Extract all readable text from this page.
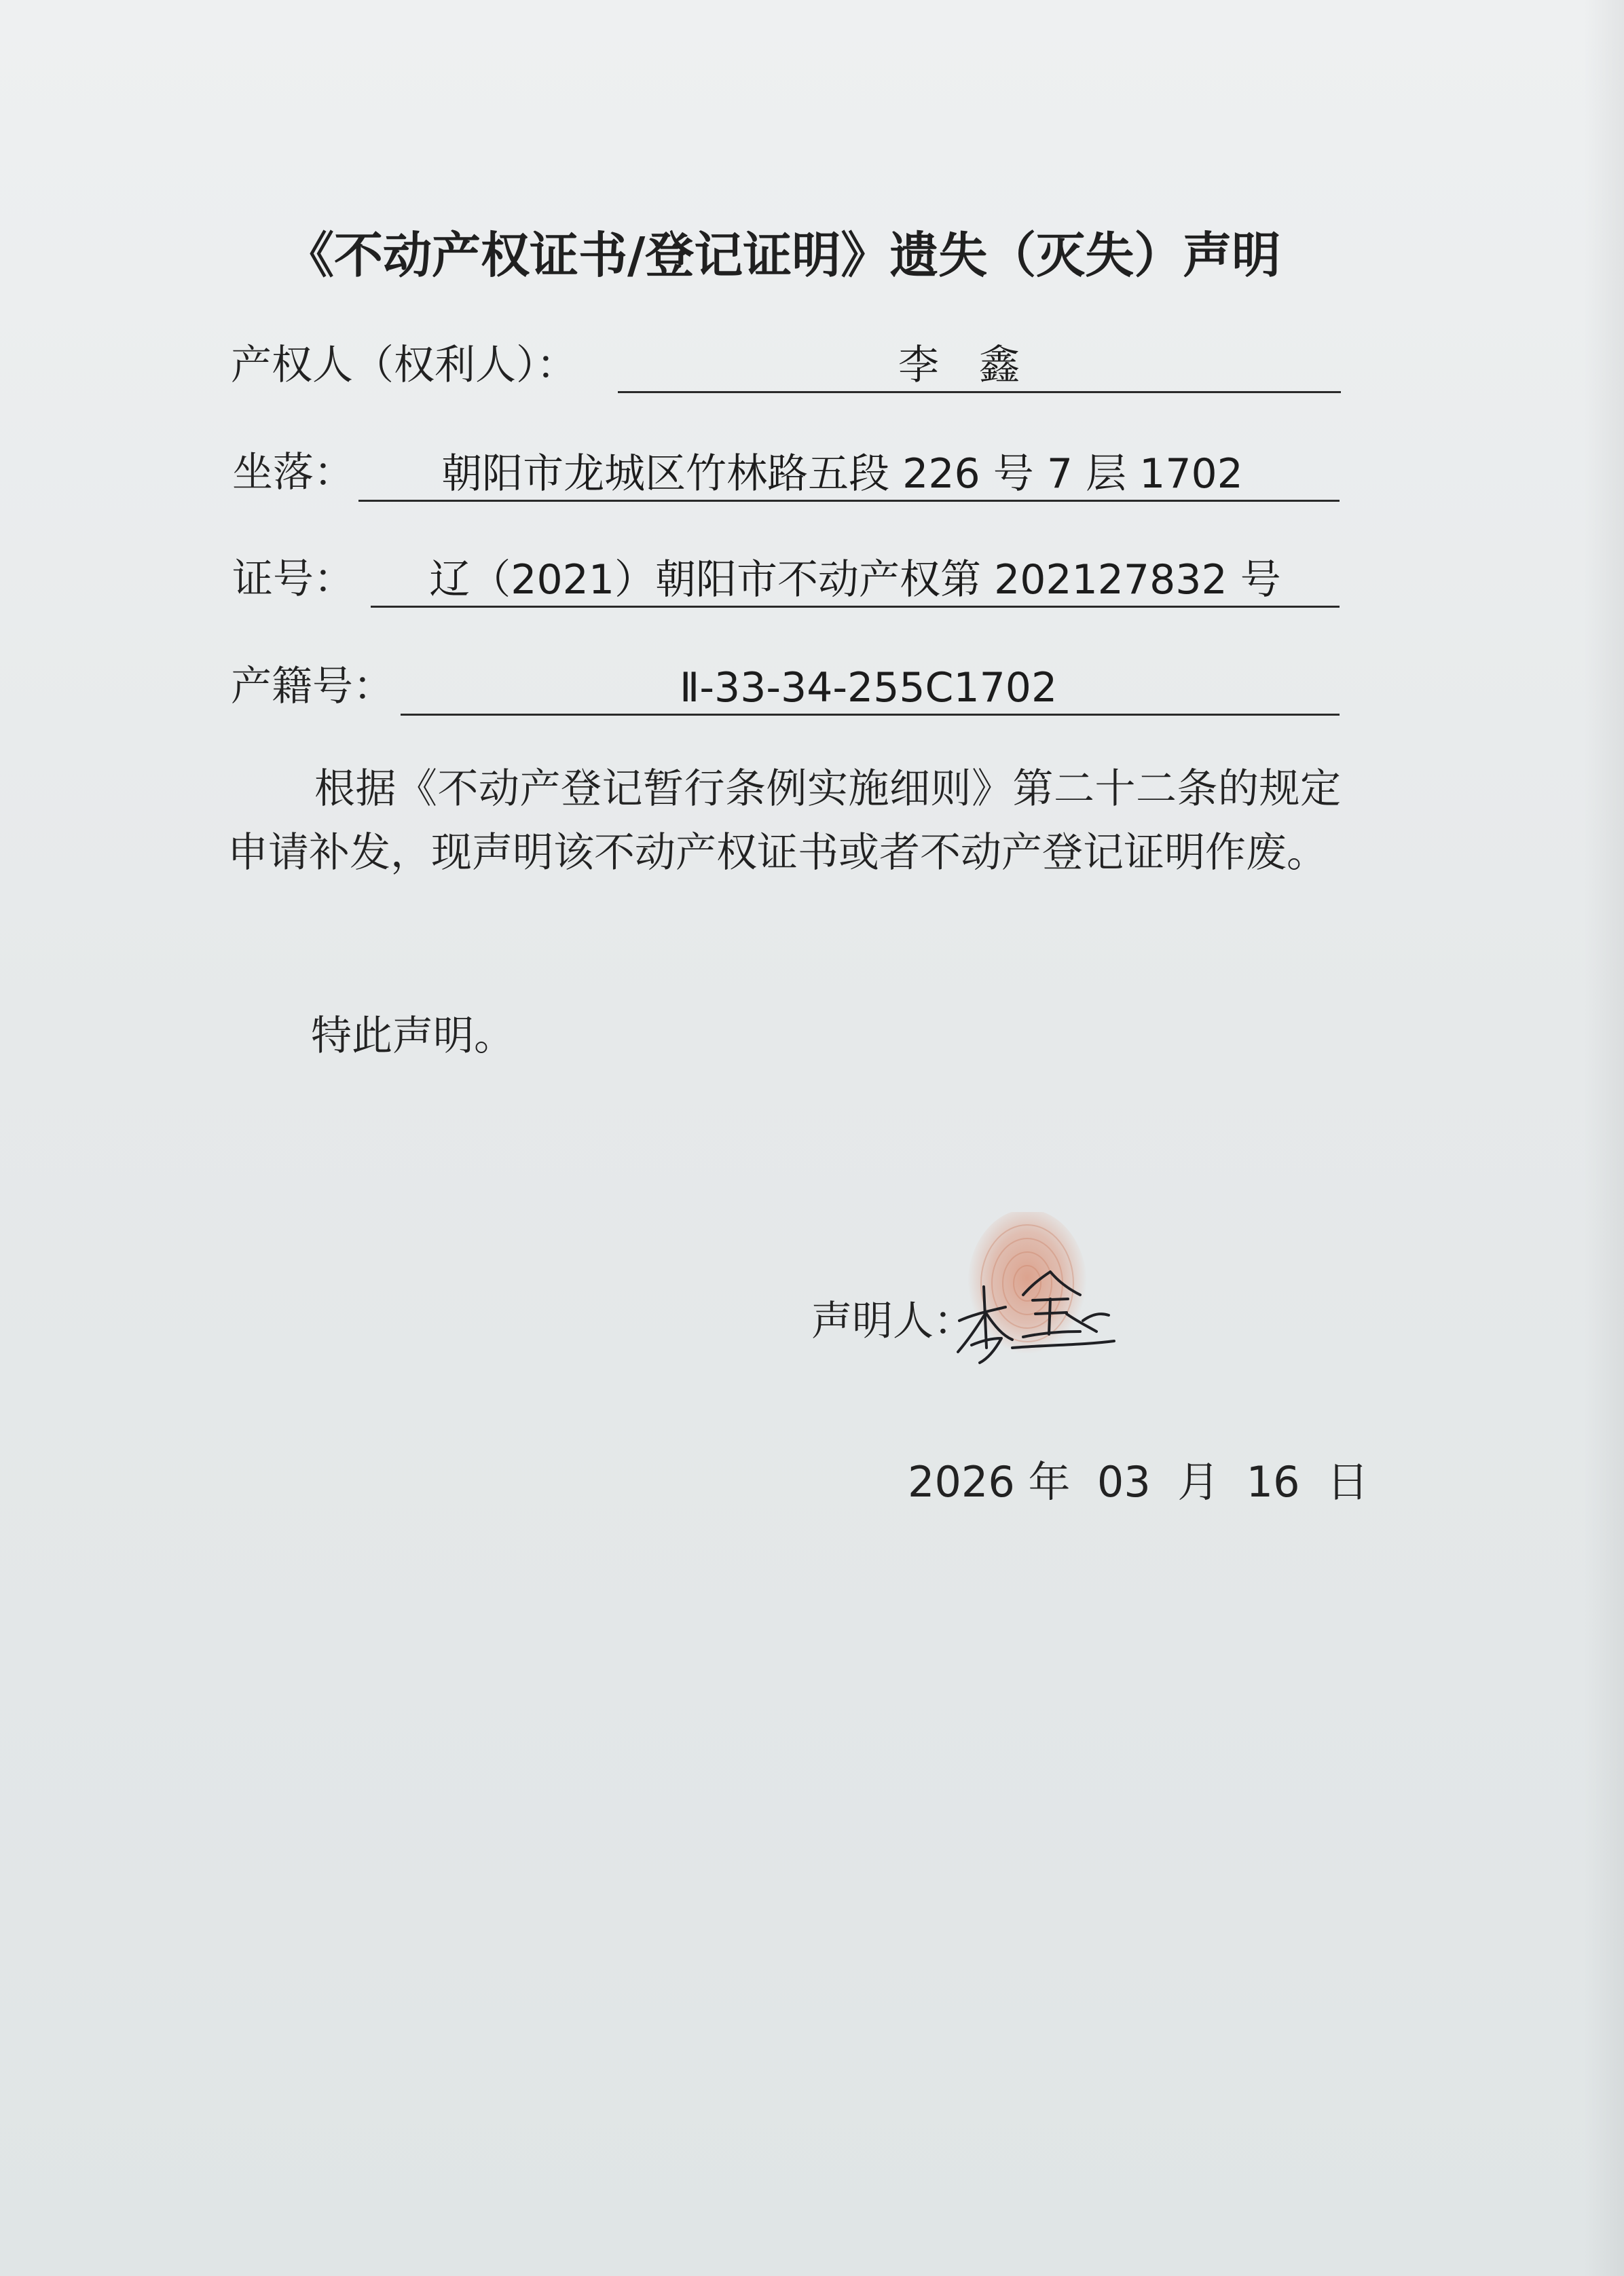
《不动产权证书/登记证明》遗失（灭失）声明
产权人（权利人）：	李 鑫
坐落： 朝阳市龙城区竹林路五段 226 号 7 层 1702
证号： 辽（2021）朝阳市不动产权第 202127832 号
产籍号：	Ⅱ-33-34-255C1702
根据《不动产登记暂行条例实施细则》第二十二条的规定申请补发，现声明该不动产权证书或者不动产登记证明作废。
特此声明。
声明人：
2026 年  03  月  16  日
